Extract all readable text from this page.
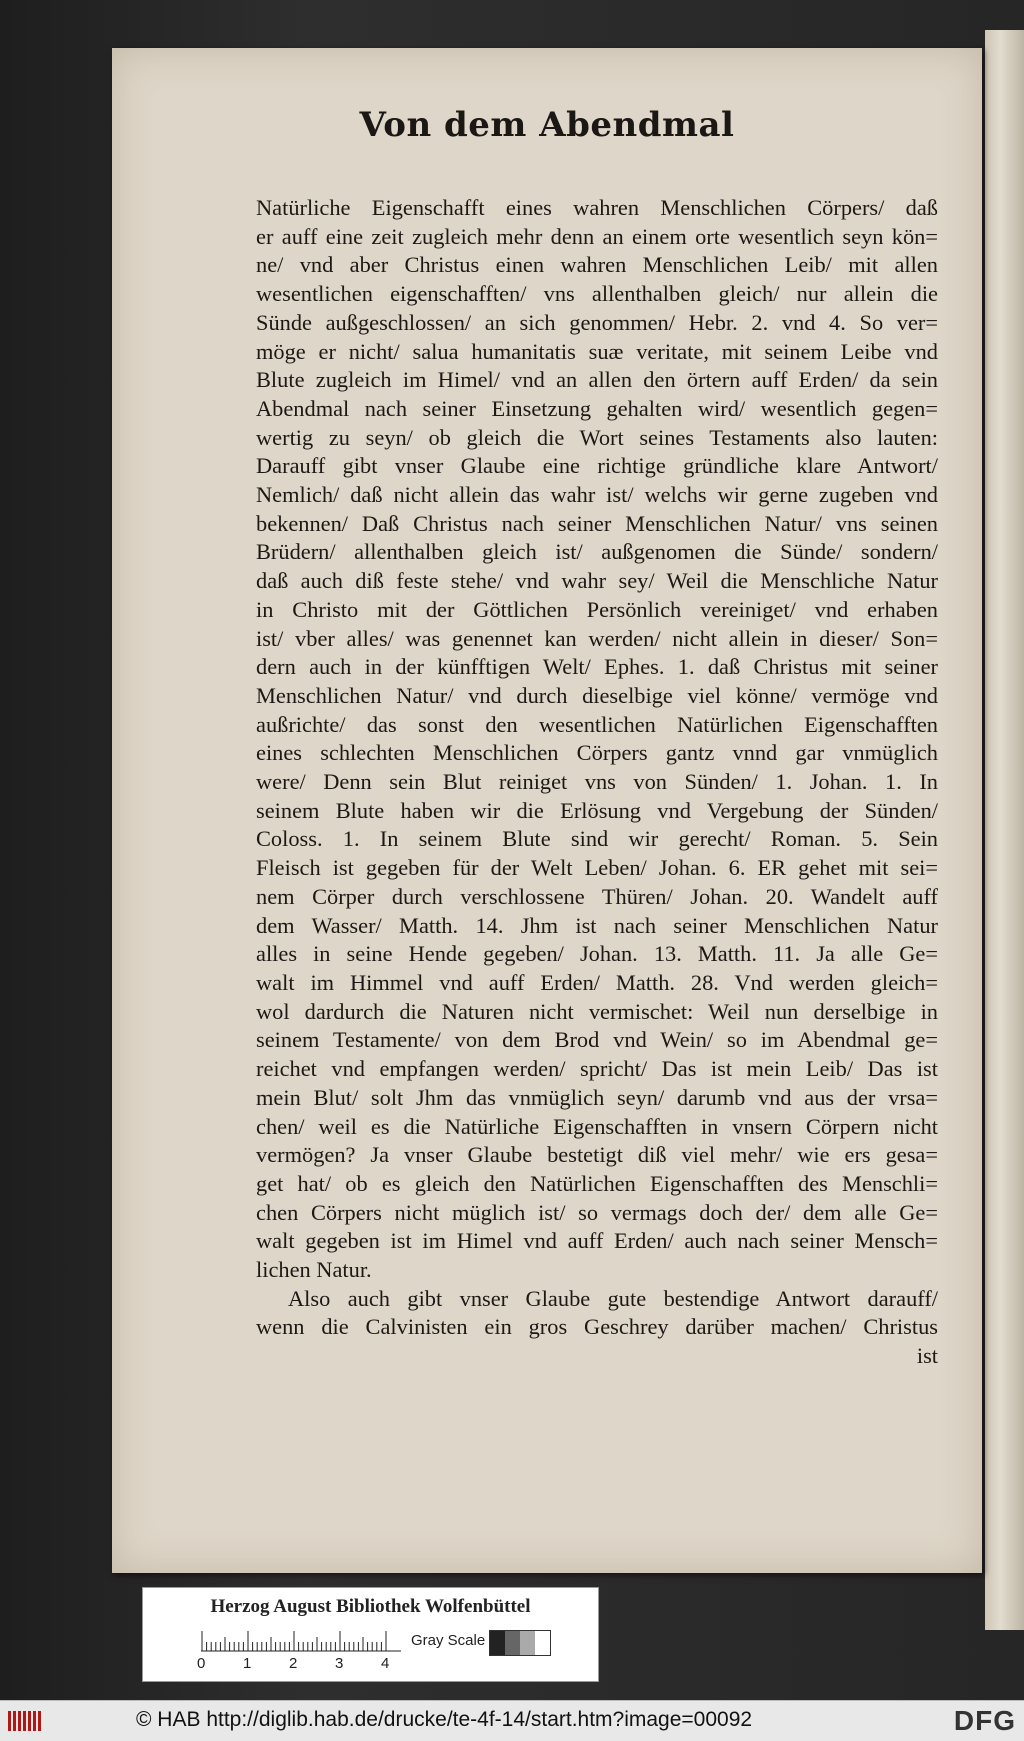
Von dem Abendmal
Natürliche Eigenschafft eines wahren Menschlichen Cörpers/ daß
er auff eine zeit zugleich mehr denn an einem orte wesentlich seyn kön=
ne/ vnd aber Christus einen wahren Menschlichen Leib/ mit allen
wesentlichen eigenschafften/ vns allenthalben gleich/ nur allein die
Sünde außgeschlossen/ an sich genommen/ Hebr. 2. vnd 4. So ver=
möge er nicht/ salua humanitatis suæ veritate, mit seinem Leibe vnd
Blute zugleich im Himel/ vnd an allen den örtern auff Erden/ da sein
Abendmal nach seiner Einsetzung gehalten wird/ wesentlich gegen=
wertig zu seyn/ ob gleich die Wort seines Testaments also lauten:
Darauff gibt vnser Glaube eine richtige gründliche klare Antwort/
Nemlich/ daß nicht allein das wahr ist/ welchs wir gerne zugeben vnd
bekennen/ Daß Christus nach seiner Menschlichen Natur/ vns seinen
Brüdern/ allenthalben gleich ist/ außgenomen die Sünde/ sondern/
daß auch diß feste stehe/ vnd wahr sey/ Weil die Menschliche Natur
in Christo mit der Göttlichen Persönlich vereiniget/ vnd erhaben
ist/ vber alles/ was genennet kan werden/ nicht allein in dieser/ Son=
dern auch in der künfftigen Welt/ Ephes. 1. daß Christus mit seiner
Menschlichen Natur/ vnd durch dieselbige viel könne/ vermöge vnd
außrichte/ das sonst den wesentlichen Natürlichen Eigenschafften
eines schlechten Menschlichen Cörpers gantz vnnd gar vnmüglich
were/ Denn sein Blut reiniget vns von Sünden/ 1. Johan. 1. In
seinem Blute haben wir die Erlösung vnd Vergebung der Sünden/
Coloss. 1. In seinem Blute sind wir gerecht/ Roman. 5. Sein
Fleisch ist gegeben für der Welt Leben/ Johan. 6. ER gehet mit sei=
nem Cörper durch verschlossene Thüren/ Johan. 20. Wandelt auff
dem Wasser/ Matth. 14. Jhm ist nach seiner Menschlichen Natur
alles in seine Hende gegeben/ Johan. 13. Matth. 11. Ja alle Ge=
walt im Himmel vnd auff Erden/ Matth. 28. Vnd werden gleich=
wol dardurch die Naturen nicht vermischet: Weil nun derselbige in
seinem Testamente/ von dem Brod vnd Wein/ so im Abendmal ge=
reichet vnd empfangen werden/ spricht/ Das ist mein Leib/ Das ist
mein Blut/ solt Jhm das vnmüglich seyn/ darumb vnd aus der vrsa=
chen/ weil es die Natürliche Eigenschafften in vnsern Cörpern nicht
vermögen? Ja vnser Glaube bestetigt diß viel mehr/ wie ers gesa=
get hat/ ob es gleich den Natürlichen Eigenschafften des Menschli=
chen Cörpers nicht müglich ist/ so vermags doch der/ dem alle Ge=
walt gegeben ist im Himel vnd auff Erden/ auch nach seiner Mensch=
lichen Natur.
Also auch gibt vnser Glaube gute bestendige Antwort darauff/
wenn die Calvinisten ein gros Geschrey darüber machen/ Christus
ist
Herzog August Bibliothek Wolfenbüttel
Gray Scale
0	1	2	3	4
© HAB http://diglib.hab.de/drucke/te-4f-14/start.htm?image=00092	DFG
